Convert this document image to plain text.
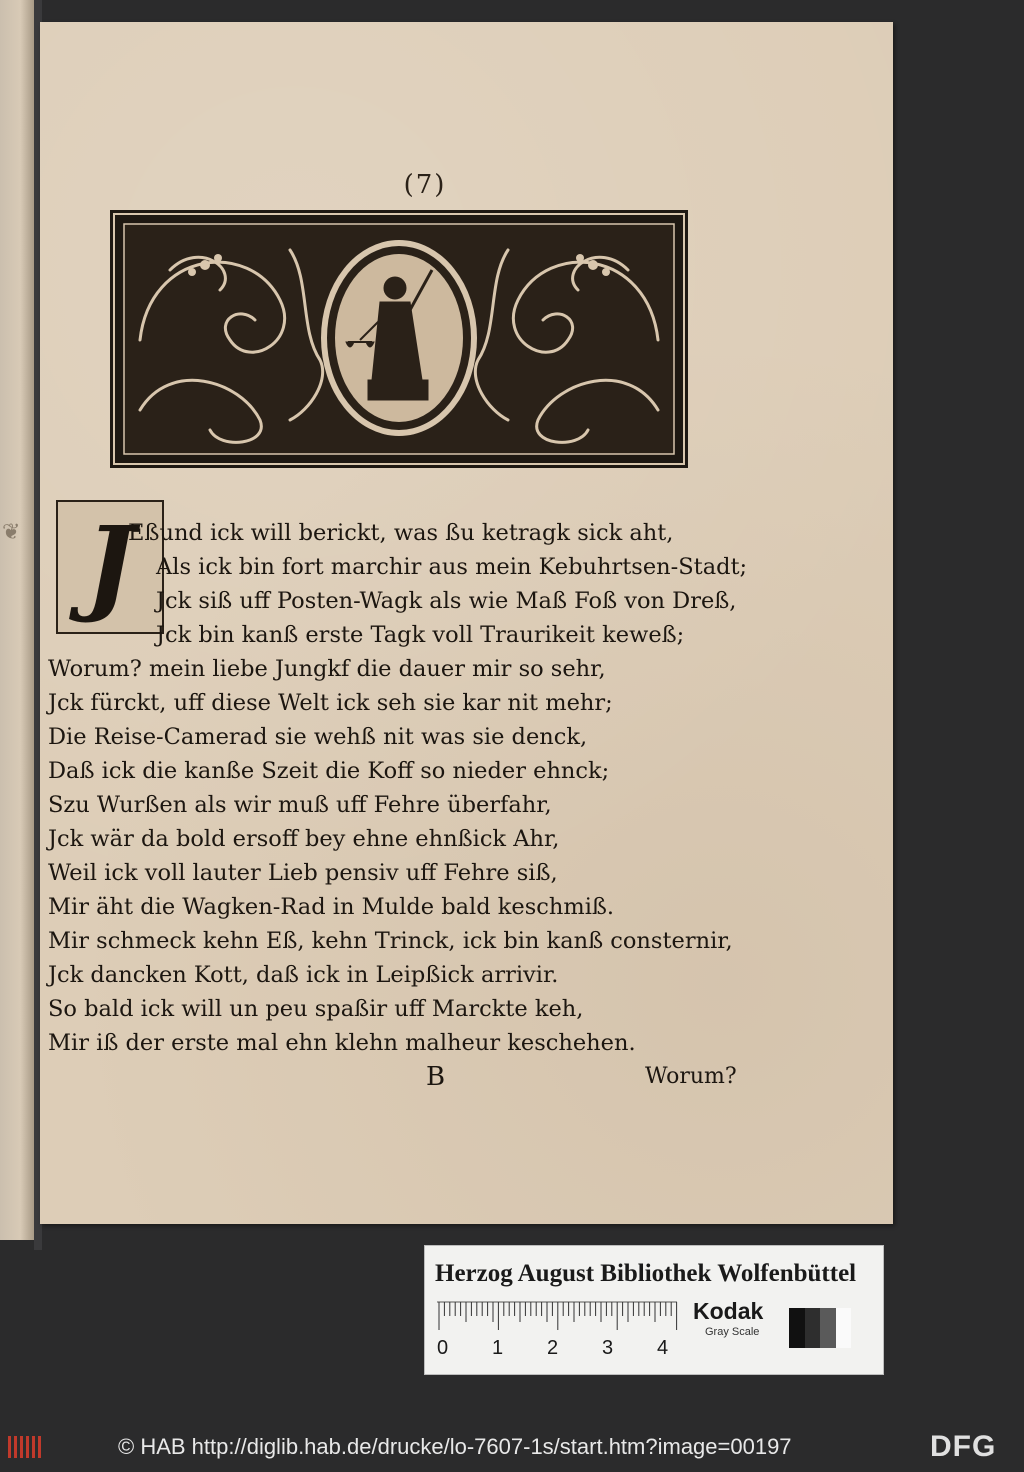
❦
(7)
J
Eßund ick will berickt, was ßu ketragk sick aht,
Als ick bin fort marchir aus mein Kebuhrtsen-Stadt;
Jck siß uff Posten-Wagk als wie Maß Foß von Dreß,
Jck bin kanß erste Tagk voll Traurikeit keweß;
Worum? mein liebe Jungkf die dauer mir so sehr,
Jck fürckt, uff diese Welt ick seh sie kar nit mehr;
Die Reise-Camerad sie wehß nit was sie denck,
Daß ick die kanße Szeit die Koff so nieder ehnck;
Szu Wurßen als wir muß uff Fehre überfahr,
Jck wär da bold ersoff bey ehne ehnßick Ahr,
Weil ick voll lauter Lieb pensiv uff Fehre siß,
Mir äht die Wagken-Rad in Mulde bald keschmiß.
Mir schmeck kehn Eß, kehn Trinck, ick bin kanß consternir,
Jck dancken Kott, daß ick in Leipßick arrivir.
So bald ick will un peu spaßir uff Marckte keh,
Mir iß der erste mal ehn klehn malheur keschehen.
B	Worum?
Herzog August Bibliothek Wolfenbüttel
0 1 2 3 4
Kodak
Gray Scale
© HAB http://diglib.hab.de/drucke/lo-7607-1s/start.htm?image=00197	DFG
